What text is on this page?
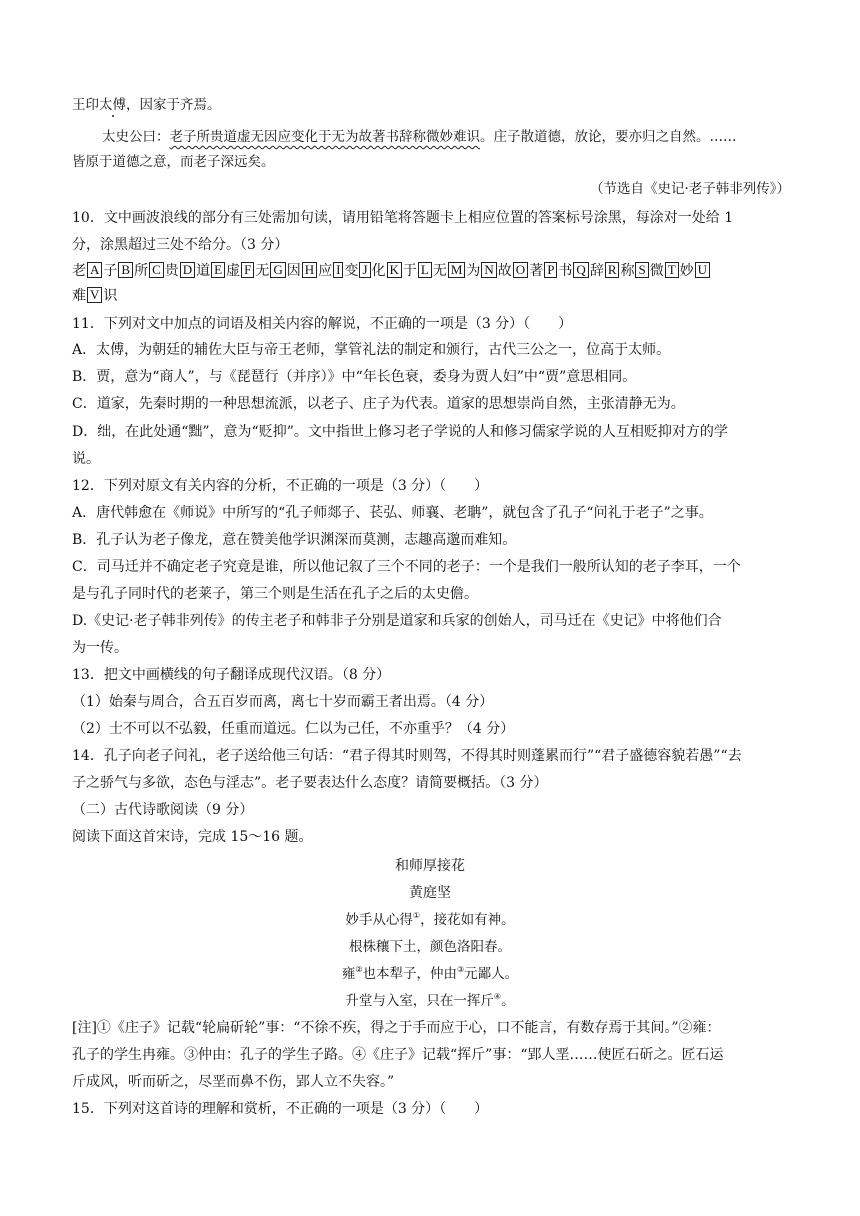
王印太傅，因家于齐焉。
太史公曰：老子所贵道虚无因应变化于无为故著书辞称微妙难识。庄子散道德，放论，要亦归之自然。……
皆原于道德之意，而老子深远矣。
（节选自《史记·老子韩非列传》）
10．文中画波浪线的部分有三处需加句读，请用铅笔将答题卡上相应位置的答案标号涂黑，每涂对一处给 1
分，涂黑超过三处不给分。（3 分）
老 A 子 B 所 C 贵 D 道 E 虚 F 无 G 因 H 应 I 变 J 化 K 于 L 无 M 为 N 故 O 著 P 书 Q 辞 R 称 S 微 T 妙 U
难 V 识
11．下列对文中加点的词语及相关内容的解说，不正确的一项是（3 分）（　　）
A．太傅，为朝廷的辅佐大臣与帝王老师，掌管礼法的制定和颁行，古代三公之一，位高于太师。
B．贾，意为“商人”，与《琵琶行（并序）》中“年长色衰，委身为贾人妇”中“贾”意思相同。
C．道家，先秦时期的一种思想流派，以老子、庄子为代表。道家的思想崇尚自然，主张清静无为。
D．绌，在此处通“黜”，意为“贬抑”。文中指世上修习老子学说的人和修习儒家学说的人互相贬抑对方的学
说。
12．下列对原文有关内容的分析，不正确的一项是（3 分）（　　）
A．唐代韩愈在《师说》中所写的“孔子师郯子、苌弘、师襄、老聃”，就包含了孔子“问礼于老子”之事。
B．孔子认为老子像龙，意在赞美他学识渊深而莫测，志趣高邈而难知。
C．司马迁并不确定老子究竟是谁，所以他记叙了三个不同的老子：一个是我们一般所认知的老子李耳，一个
是与孔子同时代的老莱子，第三个则是生活在孔子之后的太史儋。
D.《史记·老子韩非列传》的传主老子和韩非子分别是道家和兵家的创始人，司马迁在《史记》中将他们合
为一传。
13．把文中画横线的句子翻译成现代汉语。（8 分）
（1）始秦与周合，合五百岁而离，离七十岁而霸王者出焉。（4 分）
（2）士不可以不弘毅，任重而道远。仁以为己任，不亦重乎？（4 分）
14．孔子向老子问礼，老子送给他三句话：“君子得其时则驾，不得其时则蓬累而行”“君子盛德容貌若愚”“去
子之骄气与多欲，态色与淫志”。老子要表达什么态度？请简要概括。（3 分）
（二）古代诗歌阅读（9 分）
阅读下面这首宋诗，完成 15～16 题。
和师厚接花
黄庭坚
妙手从心得①，接花如有神。
根株穰下土，颜色洛阳春。
雍②也本犁子，仲由③元鄙人。
升堂与入室，只在一挥斤④。
[注]①《庄子》记载“轮扁斫轮”事：“不徐不疾，得之于手而应于心，口不能言，有数存焉于其间。”②雍：
孔子的学生冉雍。③仲由：孔子的学生子路。④《庄子》记载“挥斤”事：“郢人垩……使匠石斫之。匠石运
斤成风，听而斫之，尽垩而鼻不伤，郢人立不失容。”
15．下列对这首诗的理解和赏析，不正确的一项是（3 分）（　　）
